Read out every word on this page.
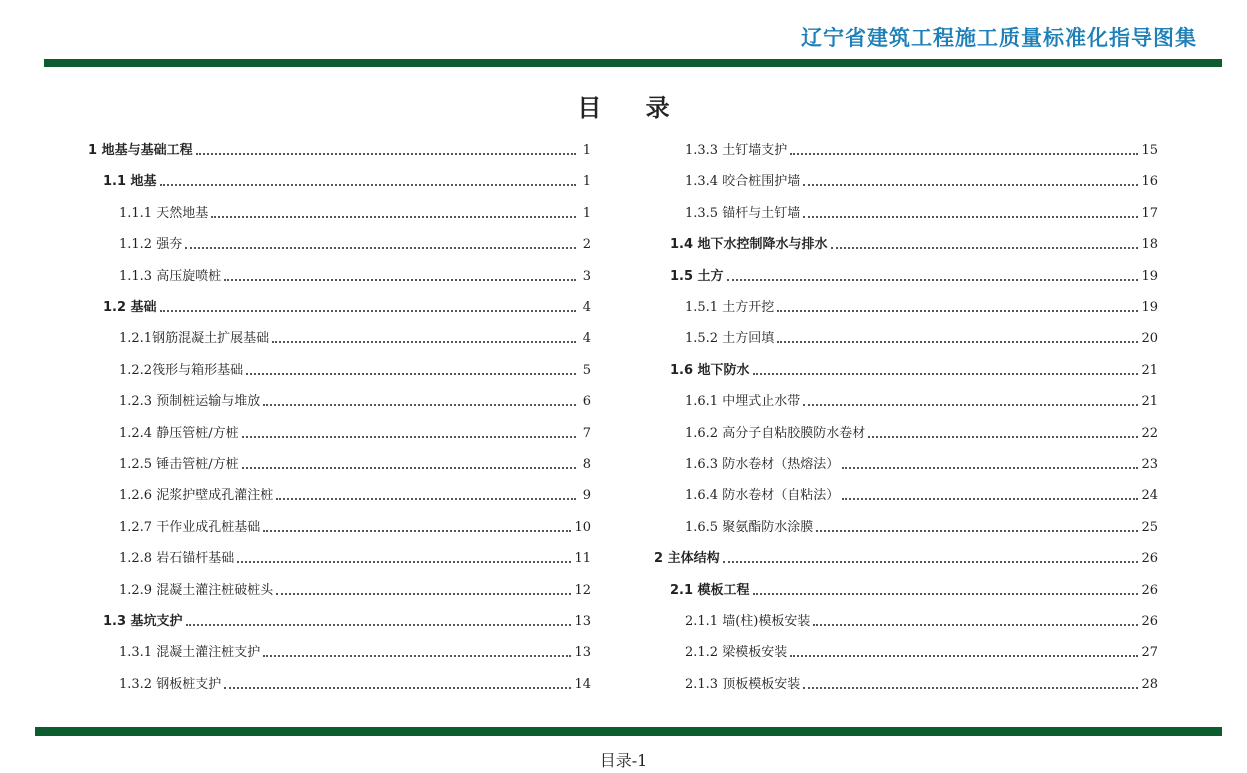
辽宁省建筑工程施工质量标准化指导图集
目 录
1 地基与基础工程	1
1.1 地基	1
1.1.1 天然地基	1
1.1.2 强夯	2
1.1.3 高压旋喷桩	3
1.2 基础	4
1.2.1钢筋混凝土扩展基础	4
1.2.2筏形与箱形基础	5
1.2.3 预制桩运输与堆放	6
1.2.4 静压管桩/方桩	7
1.2.5 锤击管桩/方桩	8
1.2.6 泥浆护壁成孔灌注桩	9
1.2.7 干作业成孔桩基础	10
1.2.8 岩石锚杆基础	11
1.2.9 混凝土灌注桩破桩头	12
1.3 基坑支护	13
1.3.1 混凝土灌注桩支护	13
1.3.2 钢板桩支护	14
1.3.3 土钉墙支护	15
1.3.4 咬合桩围护墙	16
1.3.5 锚杆与土钉墙	17
1.4 地下水控制降水与排水	18
1.5 土方	19
1.5.1 土方开挖	19
1.5.2 土方回填	20
1.6 地下防水	21
1.6.1 中埋式止水带	21
1.6.2 高分子自粘胶膜防水卷材	22
1.6.3 防水卷材（热熔法）	23
1.6.4 防水卷材（自粘法）	24
1.6.5 聚氨酯防水涂膜	25
2 主体结构	26
2.1 模板工程	26
2.1.1 墙(柱)模板安装	26
2.1.2 梁模板安装	27
2.1.3 顶板模板安装	28
目录-1
